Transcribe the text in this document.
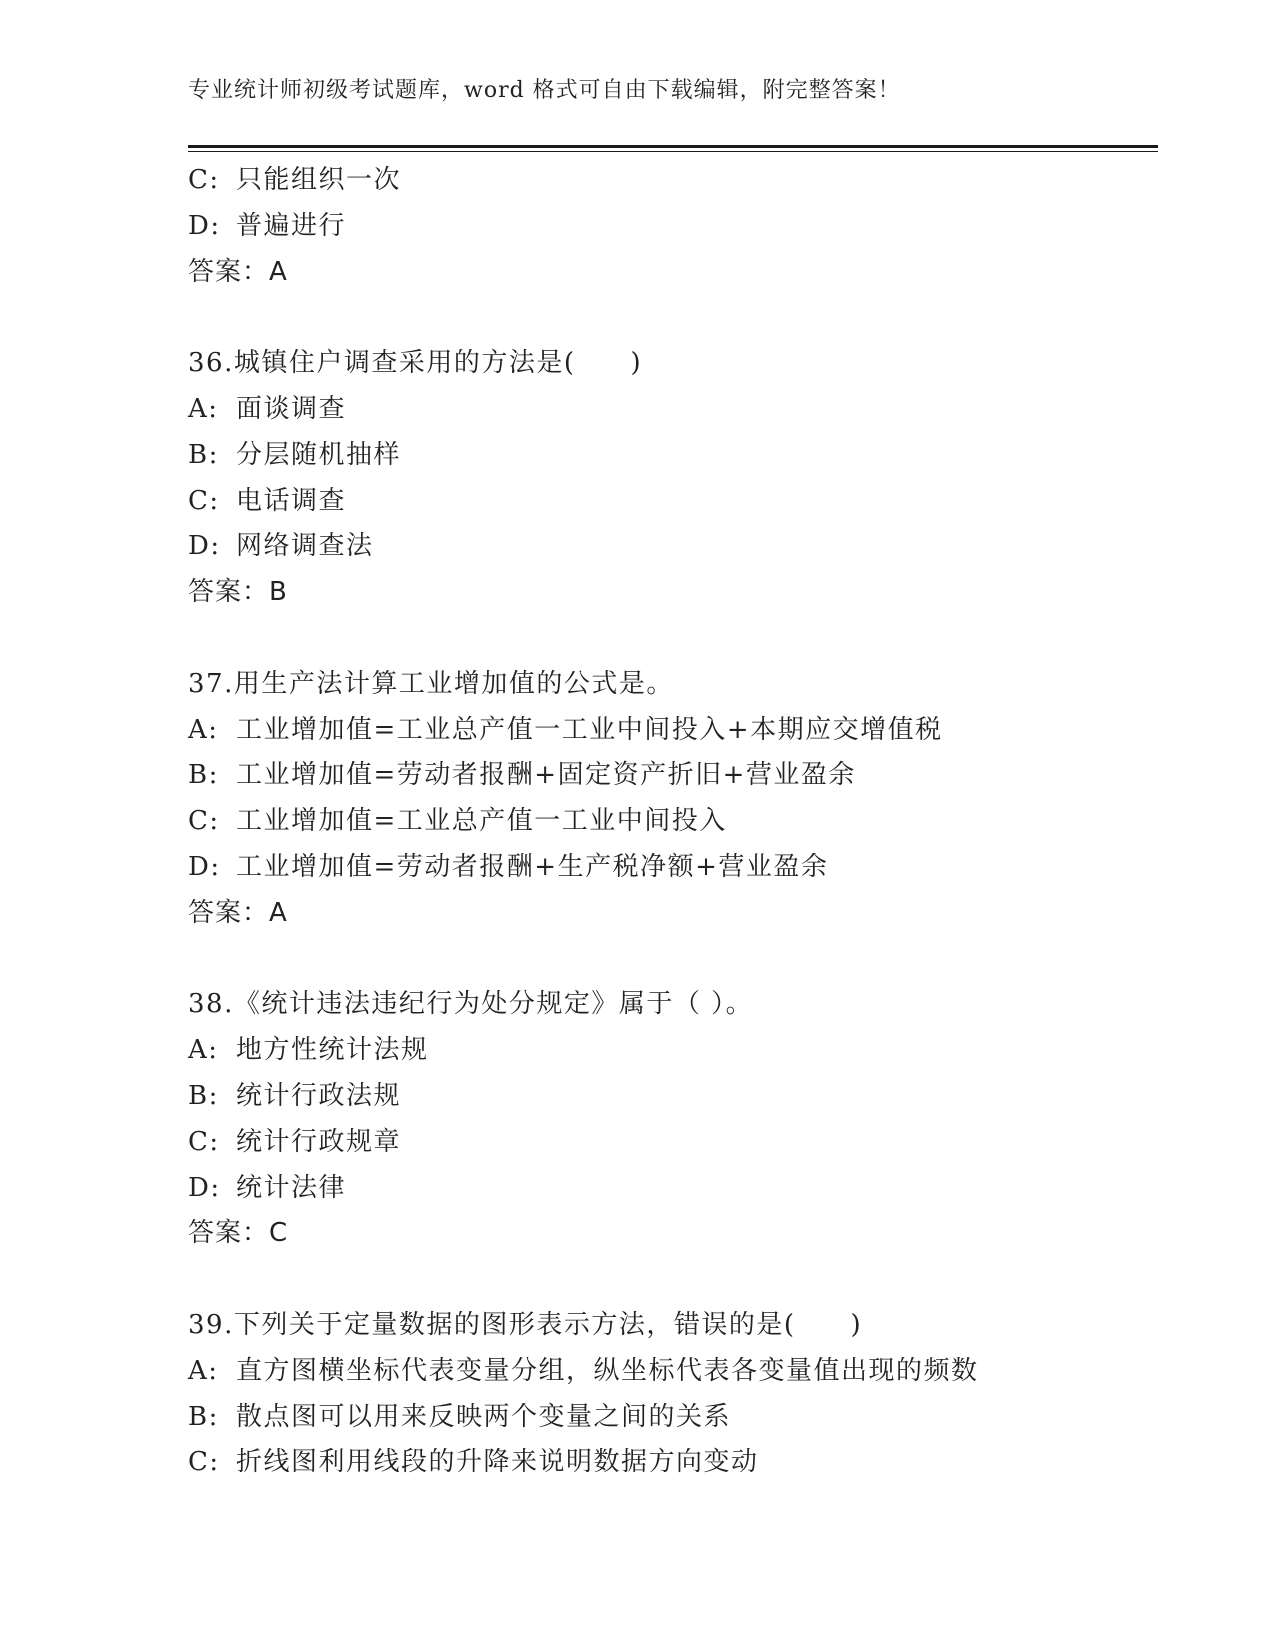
专业统计师初级考试题库，word 格式可自由下载编辑，附完整答案！
C: 只能组织一次
D: 普遍进行
答案：A
36.城镇住户调查采用的方法是(　　)
A: 面谈调查
B: 分层随机抽样
C: 电话调查
D: 网络调查法
答案：B
37.用生产法计算工业增加值的公式是。
A: 工业增加值=工业总产值一工业中间投入+本期应交增值税
B: 工业增加值=劳动者报酬+固定资产折旧+营业盈余
C: 工业增加值=工业总产值一工业中间投入
D: 工业增加值=劳动者报酬+生产税净额+营业盈余
答案：A
38.《统计违法违纪行为处分规定》属于（ ）。
A: 地方性统计法规
B: 统计行政法规
C: 统计行政规章
D: 统计法律
答案：C
39.下列关于定量数据的图形表示方法，错误的是(　　)
A: 直方图横坐标代表变量分组，纵坐标代表各变量值出现的频数
B: 散点图可以用来反映两个变量之间的关系
C: 折线图利用线段的升降来说明数据方向变动
